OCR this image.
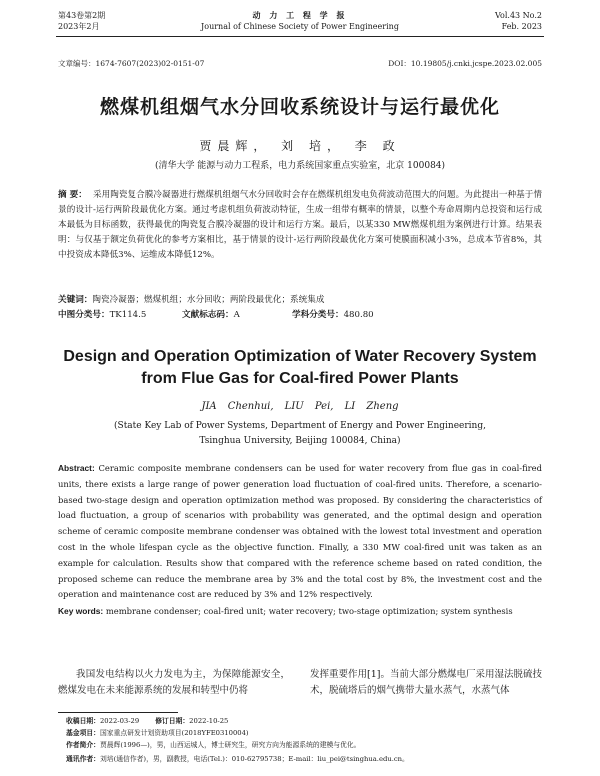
第43卷第2期
2023年2月
动 力 工 程 学 报
Journal of Chinese Society of Power Engineering
Vol.43 No.2
Feb. 2023
文章编号：1674-7607(2023)02-0151-07	DOI：10.19805/j.cnki.jcspe.2023.02.005
燃煤机组烟气水分回收系统设计与运行最优化
贾晨辉， 刘 培， 李 政
(清华大学 能源与动力工程系，电力系统国家重点实验室，北京 100084)
摘 要： 采用陶瓷复合膜冷凝器进行燃煤机组烟气水分回收时会存在燃煤机组发电负荷波动范围大的问题。为此提出一种基于情景的设计-运行两阶段最优化方案。通过考虑机组负荷波动特征，生成一组带有概率的情景，以整个寿命周期内总投资和运行成本最低为目标函数，获得最优的陶瓷复合膜冷凝器的设计和运行方案。最后，以某330 MW燃煤机组为案例进行计算。结果表明：与仅基于额定负荷优化的参考方案相比，基于情景的设计-运行两阶段最优化方案可使膜面积减小3%，总成本节省8%，其中投资成本降低3%、运维成本降低12%。
关键词：陶瓷冷凝器；燃煤机组；水分回收；两阶段最优化；系统集成
中图分类号：TK114.5	文献标志码：A	学科分类号：480.80
Design and Operation Optimization of Water Recovery System
from Flue Gas for Coal-fired Power Plants
JIA Chenhui, LIU Pei, LI Zheng
(State Key Lab of Power Systems, Department of Energy and Power Engineering,
Tsinghua University, Beijing 100084, China)
Abstract: Ceramic composite membrane condensers can be used for water recovery from flue gas in coal-fired units, there exists a large range of power generation load fluctuation of coal-fired units. Therefore, a scenario-based two-stage design and operation optimization method was proposed. By considering the characteristics of load fluctuation, a group of scenarios with probability was generated, and the optimal design and operation scheme of ceramic composite membrane condenser was obtained with the lowest total investment and operation cost in the whole lifespan cycle as the objective function. Finally, a 330 MW coal-fired unit was taken as an example for calculation. Results show that compared with the reference scheme based on rated condition, the proposed scheme can reduce the membrane area by 3% and the total cost by 8%, the investment cost and the operation and maintenance cost are reduced by 3% and 12% respectively.
Key words: membrane condenser; coal-fired unit; water recovery; two-stage optimization; system synthesis
我国发电结构以火力发电为主，为保障能源安全，燃煤发电在未来能源系统的发展和转型中仍将
发挥重要作用[1]。当前大部分燃煤电厂采用湿法脱硫技术，脱硫塔后的烟气携带大量水蒸气，水蒸气体
收稿日期：2022-03-29 修订日期：2022-10-25
基金项目：国家重点研发计划资助项目(2018YFE0310004)
作者简介：贾晨辉(1996—)，男，山西运城人，博士研究生，研究方向为能源系统的建模与优化。
通讯作者：刘培(通信作者)，男，副教授，电话(Tel.)：010-62795738；E-mail：liu_pei@tsinghua.edu.cn。
